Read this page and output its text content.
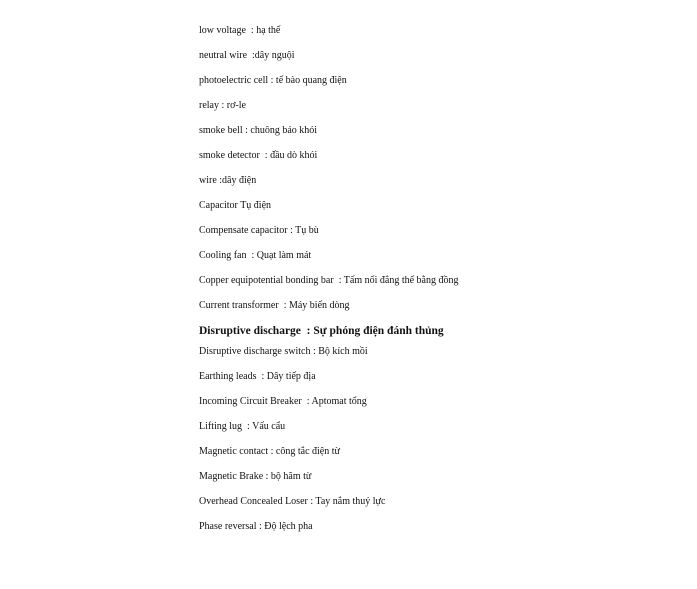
low voltage  : hạ thế
neutral wire  :dây nguội
photoelectric cell : tế bào quang điện
relay : rơ-le
smoke bell : chuông báo khói
smoke detector  : đầu dò khói
wire :dây điện
Capacitor Tụ điện
Compensate capacitor : Tụ bù
Cooling fan  : Quạt làm mát
Copper equipotential bonding bar  : Tấm nối đẳng thế bằng đồng
Current transformer  : Máy biến dòng
Disruptive discharge  : Sự phóng điện đánh thủng
Disruptive discharge switch : Bộ kích mồi
Earthing leads  : Dây tiếp địa
Incoming Circuit Breaker  : Aptomat tổng
Lifting lug  : Vấu cẩu
Magnetic contact : công tắc điện từ
Magnetic Brake : bộ hãm từ
Overhead Concealed Loser : Tay nắm thuỷ lực
Phase reversal : Độ lệch pha
